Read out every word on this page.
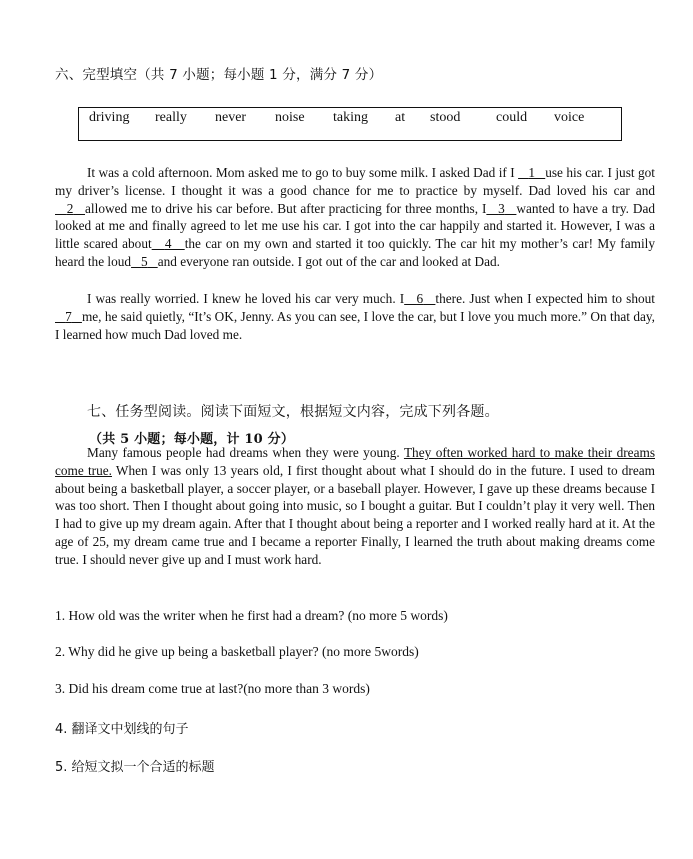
六、完型填空（共 7 小题；每小题 1 分，满分 7 分）
driving really never noise taking at stood	could voice

It was a cold afternoon. Mom asked me to go to buy some milk. I asked Dad if I    1 use his car. I just got my driver’s license. I thought it was a good chance for me to practice by myself. Dad loved his car and    2 allowed me to drive his car before. But after practicing for three months, I 3 wanted to have a try. Dad looked at me and finally agreed to let me use his car. I got into the car happily and started it. However, I was a little scared about 4 the car on my own and started it too quickly. The car hit my mother’s car! My family heard the loud 5 and everyone ran outside. I got out of the car and looked at Dad.

I was really worried. I knew he loved his car very much. I 6 there. Just when I expected him to shout   7 me, he said quietly, “It’s OK, Jenny. As you can see, I love the car, but I love you much more.” On that day, I learned how much Dad loved me.

七、任务型阅读。阅读下面短文，根据短文内容，完成下列各题。
（共 5 小题；每小题，计 10 分）

Many famous people had dreams when they were young. They often worked hard to make their dreams come true. When I was only 13 years old, I first thought about what I should do in the future. I used to dream about being a basketball player, a soccer player, or a baseball player. However, I gave up these dreams because I was too short. Then I thought about going into music, so I bought a guitar. But I couldn’t play it very well. Then I had to give up my dream again. After that I thought about being a reporter and I worked really hard at it. At the age of 25, my dream came true and I became a reporter Finally, I learned the truth about making dreams come true. I should never give up and I must work hard.

1. How old was the writer when he first had a dream? (no more 5 words)
2. Why did he give up being a basketball player? (no more 5words)
3. Did his dream come true at last?(no more than 3 words)
4. 翻译文中划线的句子
5. 给短文拟一个合适的标题
